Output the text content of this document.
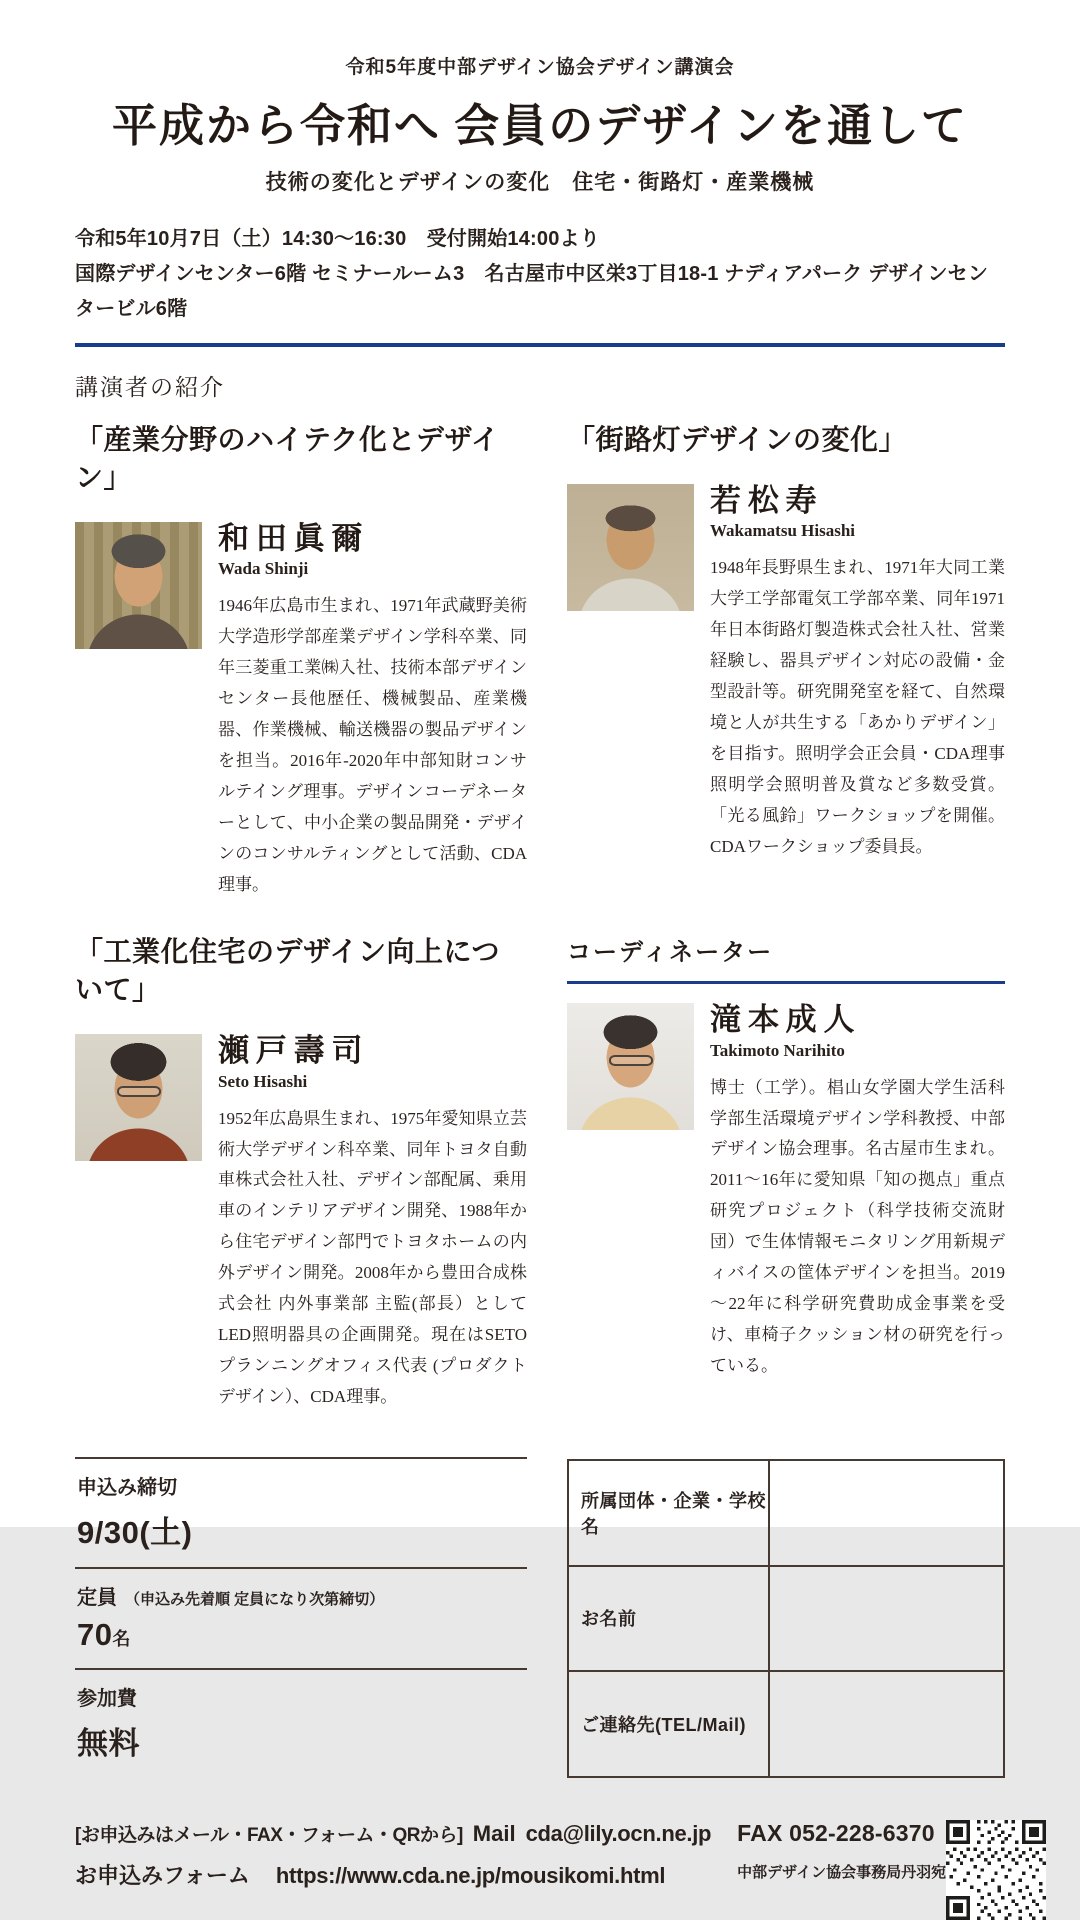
令和5年度中部デザイン協会デザイン講演会
平成から令和へ 会員のデザインを通して
技術の変化とデザインの変化　住宅・街路灯・産業機械
令和5年10月7日（土）14:30～16:30　受付開始14:00より
国際デザインセンター6階 セミナールーム3　名古屋市中区栄3丁目18-1 ナディアパーク デザインセンタービル6階
講演者の紹介
「産業分野のハイテク化とデザイン」
和田眞爾
Wada Shinji
1946年広島市生まれ、1971年武蔵野美術大学造形学部産業デザイン学科卒業、同年三菱重工業㈱入社、技術本部デザインセンター長他歴任、機械製品、産業機器、作業機械、輸送機器の製品デザインを担当。2016年-2020年中部知財コンサルテイング理事。デザインコーデネーターとして、中小企業の製品開発・デザインのコンサルティングとして活動、CDA理事。
「街路灯デザインの変化」
若松寿
Wakamatsu Hisashi
1948年長野県生まれ、1971年大同工業大学工学部電気工学部卒業、同年1971年日本街路灯製造株式会社入社、営業経験し、器具デザイン対応の設備・金型設計等。研究開発室を経て、自然環境と人が共生する「あかりデザイン」を目指す。照明学会正会員・CDA理事　照明学会照明普及賞など多数受賞。「光る風鈴」ワークショップを開催。CDAワークショップ委員長。
「工業化住宅のデザイン向上について」
瀬戸壽司
Seto Hisashi
1952年広島県生まれ、1975年愛知県立芸術大学デザイン科卒業、同年トヨタ自動車株式会社入社、デザイン部配属、乗用車のインテリアデザイン開発、1988年から住宅デザイン部門でトヨタホームの内外デザイン開発。2008年から豊田合成株式会社 内外事業部 主監(部長）としてLED照明器具の企画開発。現在はSETOプランニングオフィス代表 (プロダクトデザイン）、CDA理事。
コーディネーター
滝本成人
Takimoto Narihito
博士（工学）。椙山女学園大学生活科学部生活環境デザイン学科教授、中部デザイン協会理事。名古屋市生まれ。2011～16年に愛知県「知の拠点」重点研究プロジェクト（科学技術交流財団）で生体情報モニタリング用新規ディバイスの筐体デザインを担当。2019～22年に科学研究費助成金事業を受け、車椅子クッション材の研究を行っている。
申込み締切
9/30(土)
定員 （申込み先着順 定員になり次第締切）
70名
参加費
無料
所属団体・企業・学校名	
お名前	
ご連絡先(TEL/Mail)	
[お申込みはメール・FAX・フォーム・QRから] Mail cda@lily.ocn.ne.jp
お申込みフォーム https://www.cda.ne.jp/mousikomi.html
FAX 052-228-6370
中部デザイン協会事務局丹羽宛
